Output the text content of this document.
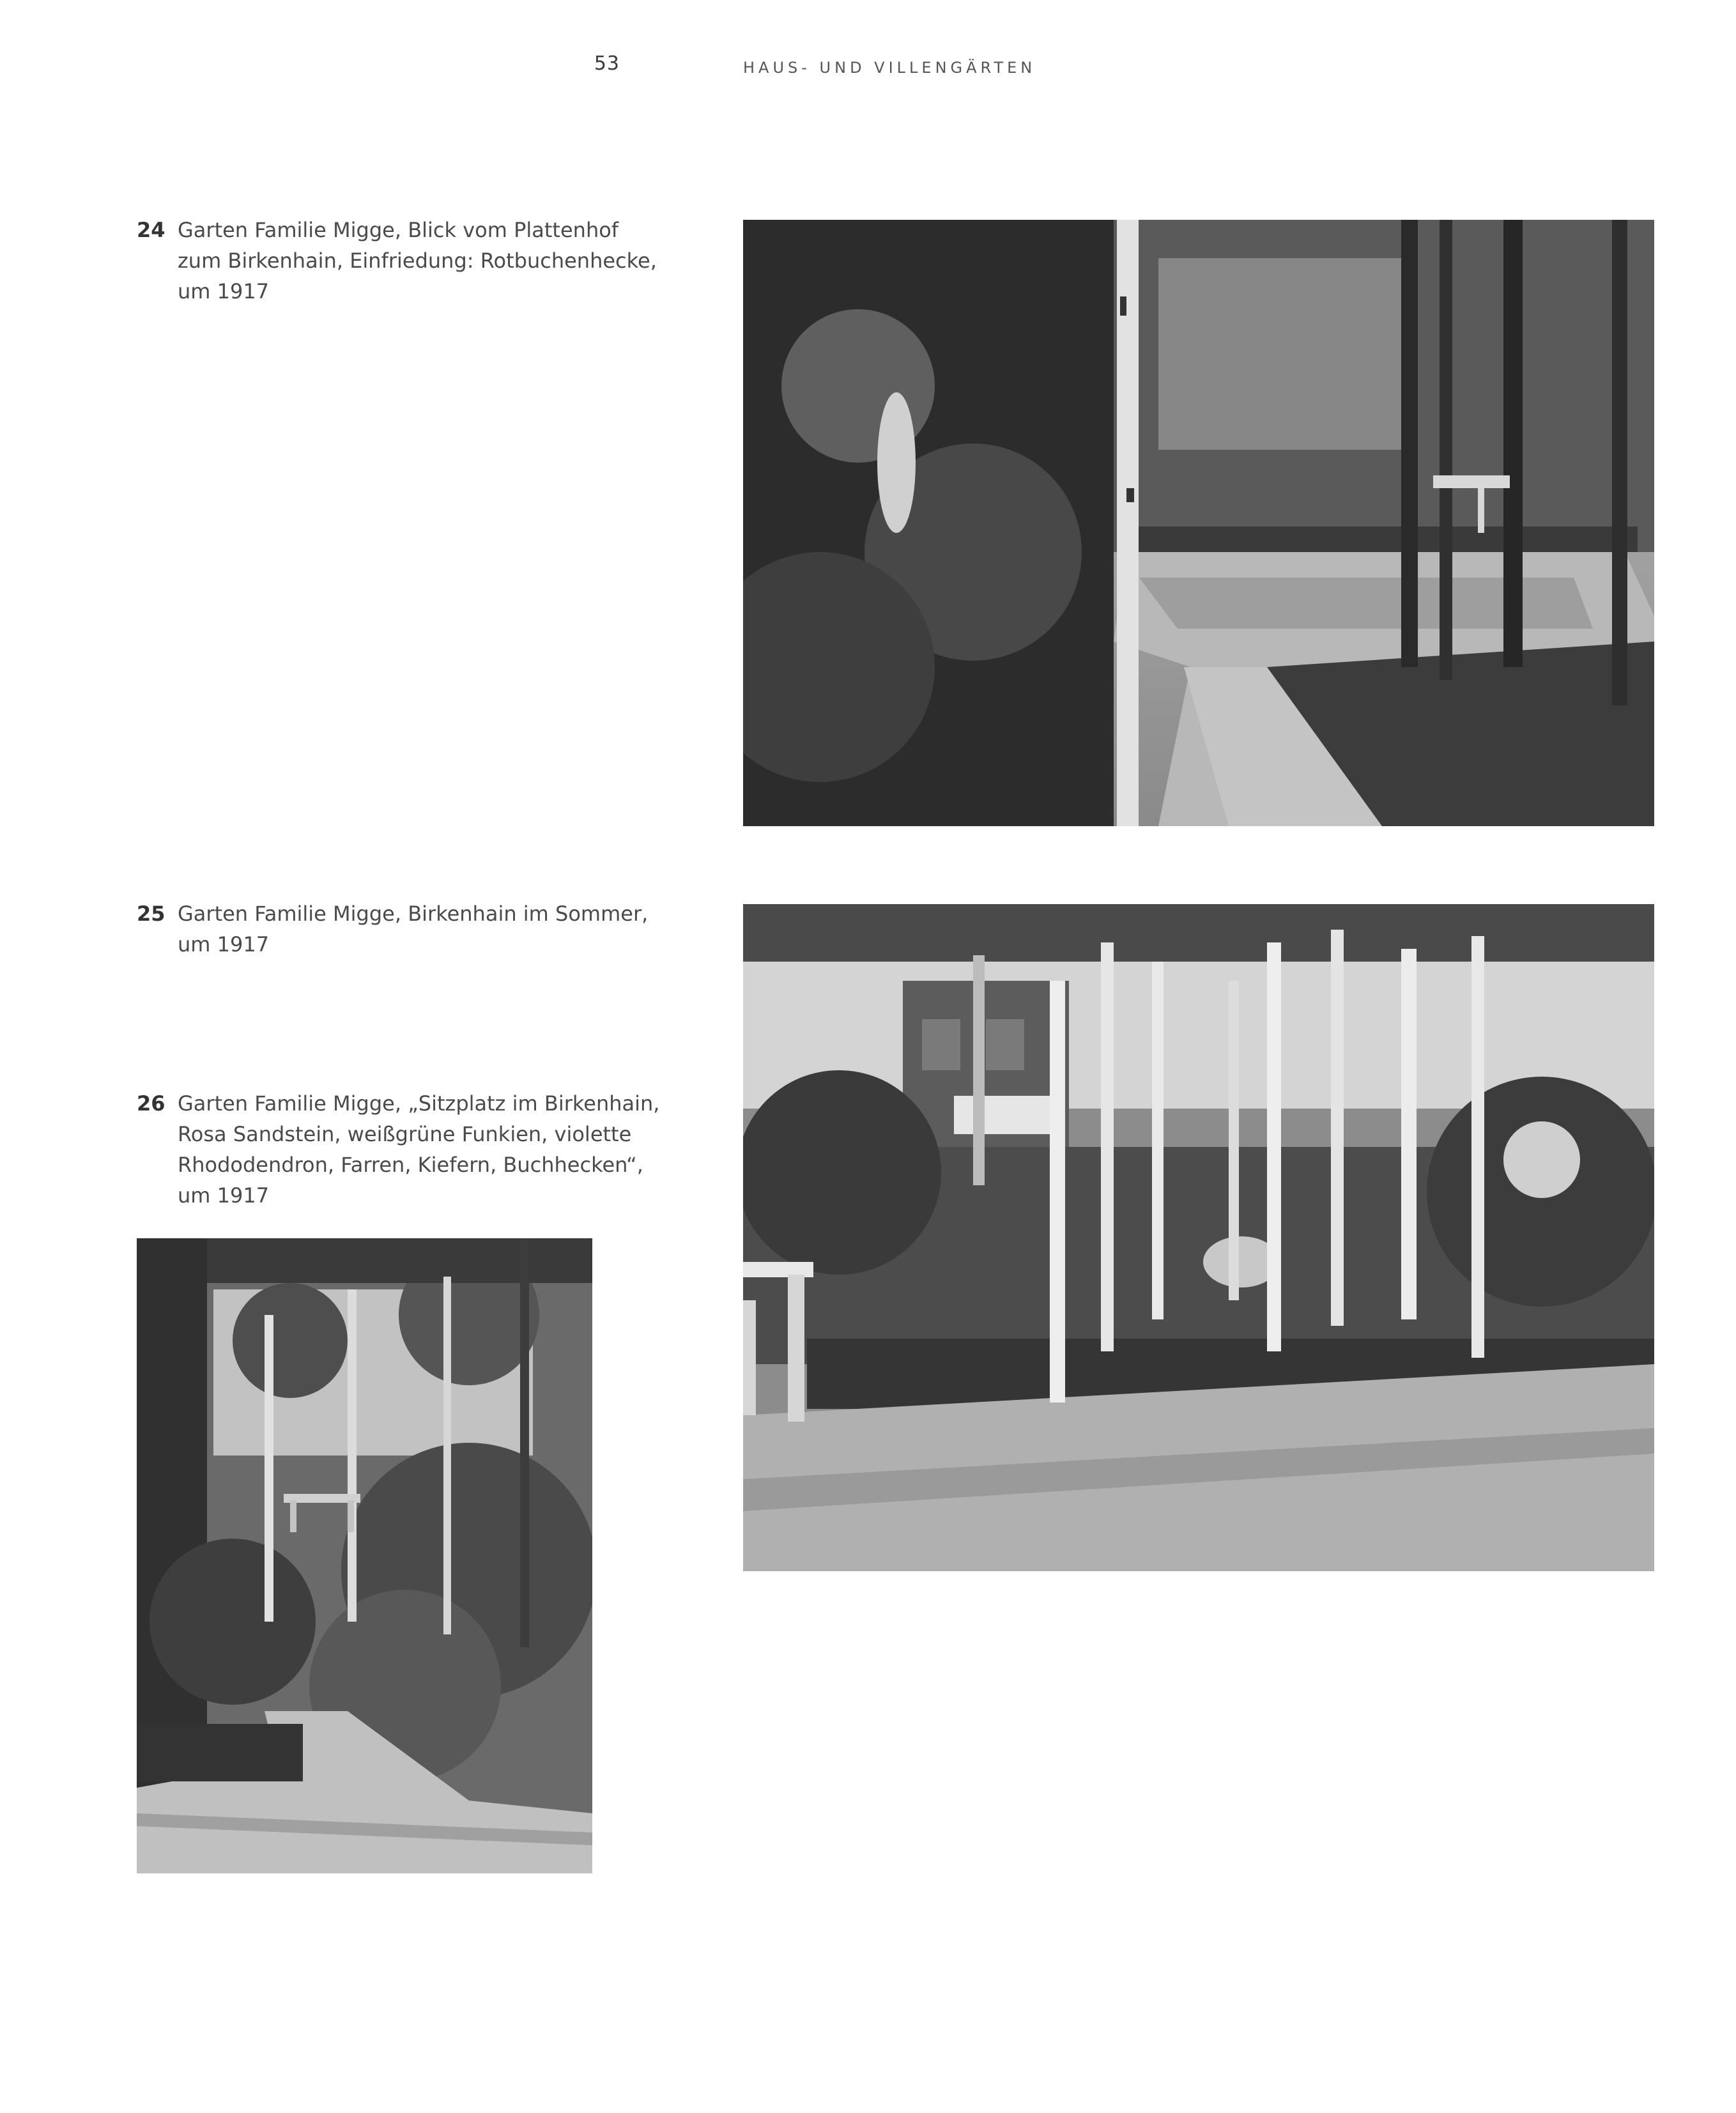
53	HAUS- UND VILLENGÄRTEN
24 Garten Familie Migge, Blick vom Plattenhof
zum Birkenhain, Einfriedung: Rotbuchenhecke,
um 1917
25 Garten Familie Migge, Birkenhain im Sommer,
um 1917
26 Garten Familie Migge, „Sitzplatz im Birkenhain,
Rosa Sandstein, weißgrüne Funkien, violette
Rhododendron, Farren, Kiefern, Buchhecken“,
um 1917
